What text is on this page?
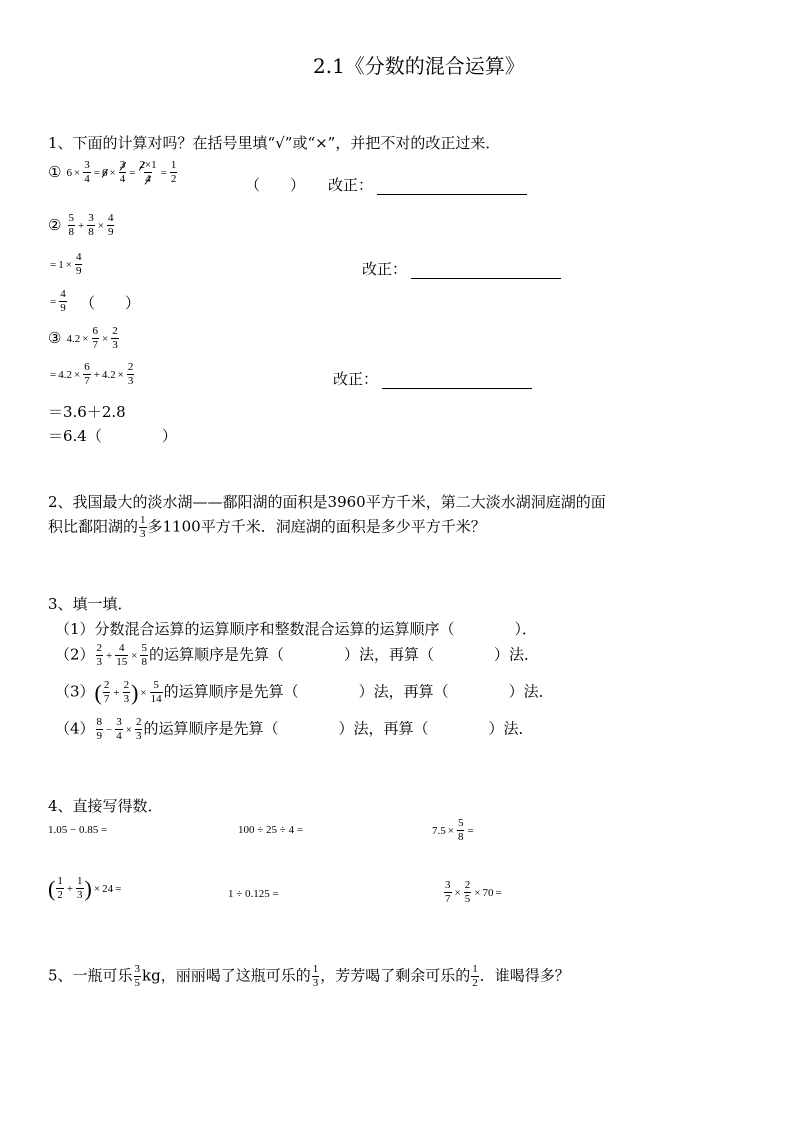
2.1《分数的混合运算》
1、下面的计算对吗？在括号里填“√”或“×”，并把不对的改正过来．
① $6 \times \frac{3}{4} = 6 \times \frac{3}{4} = \frac{2\times 1}{4} = \frac{1}{2}$	（　　） 改正：
② 5
8
+ $\frac{3}{8} \times \frac{4}{9}$
= $1 \times \frac{4}{9}$	改正：
= $\frac{4}{9}$ （　　）
③ $4.2 \times \frac{6}{7} \times \frac{2}{3}$
= $4.2 \times \frac{6}{7} + 4.2 \times \frac{2}{3}$	改正：
＝3.6＋2.8
＝6.4（　　　　）
2、我国最大的淡水湖——鄱阳湖的面积是3960平方千米，第二大淡水湖洞庭湖的面
积比鄱阳湖的 1
3 多1100平方千米．洞庭湖的面积是多少平方千米？
3、填一填．
（1）分数混合运算的运算顺序和整数混合运算的运算顺序（　　　　）．
（2） 2
3
+ $\frac{4}{15} \times \frac{5}{8}$ 的运算顺序是先算（　　　　）法，再算（　　　　）法．
（3） ( 2
7
+ $\frac{2}{3}$ ) × $\frac{5}{14}$ 的运算顺序是先算（　　　　）法，再算（　　　　）法．
（4） 8
9
− $\frac{3}{4} \times \frac{2}{3}$ 的运算顺序是先算（　　　　）法，再算（　　　　）法．
4、直接写得数．
1.05 − 0.85 =	100 ÷ 25 ÷ 4 =	$7.5 \times \frac{5}{8}$ =
( 1
2
+ $\frac{1}{3}$ ) × 24 =	1 ÷ 0.125 =	$\frac{3}{7} \times \frac{2}{5} \times 70$ =
5、一瓶可乐 3
5 kg，丽丽喝了这瓶可乐的 1
3 ，芳芳喝了剩余可乐的 1
2 ．谁喝得多？
